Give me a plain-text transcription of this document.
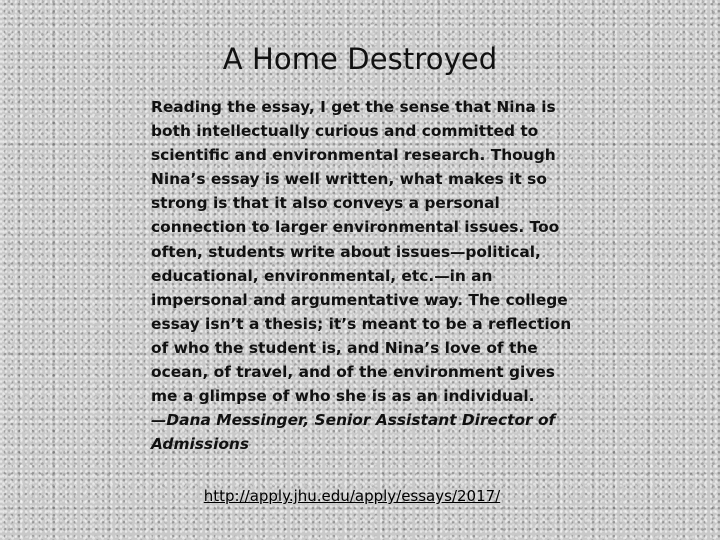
A Home Destroyed

Reading the essay, I get the sense that Nina is both intellectually curious and committed to scientific and environmental research. Though Nina’s essay is well written, what makes it so strong is that it also conveys a personal connection to larger environmental issues. Too often, students write about issues—political, educational, environmental, etc.—in an impersonal and argumentative way. The college essay isn’t a thesis; it’s meant to be a reflection of who the student is, and Nina’s love of the ocean, of travel, and of the environment gives me a glimpse of who she is as an individual.

—Dana Messinger, Senior Assistant Director of Admissions

http://apply.jhu.edu/apply/essays/2017/
